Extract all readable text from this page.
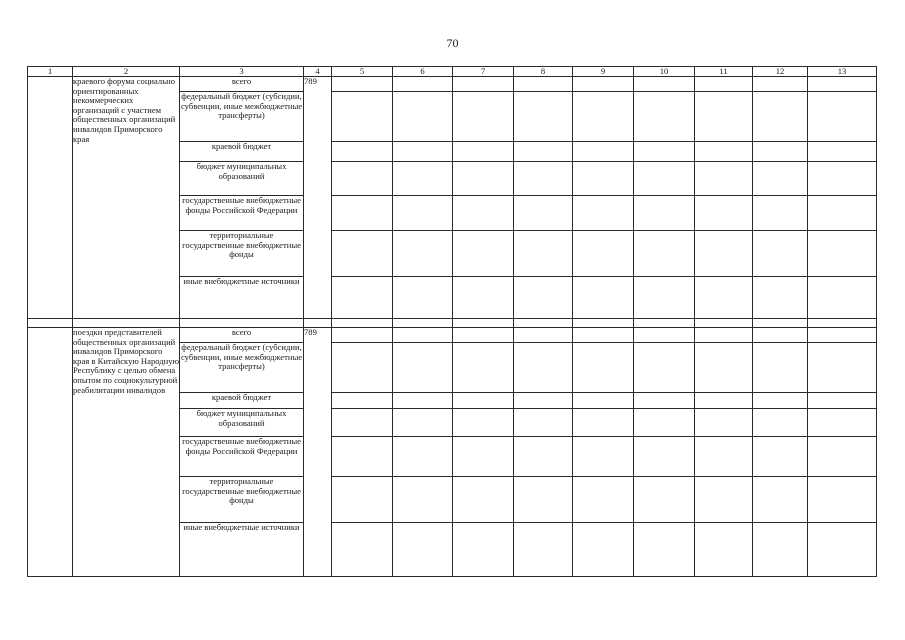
70
1	2	3	4	5	6	7	8	9	10	11	12	13
	краевого форума социально ориентированных некоммерческих организаций с участием общественных организаций инвалидов Приморского края	всего	789									
		федеральный бюджет (субсидии, субвенции, иные межбюджетные трансферты)										
		краевой бюджет										
		бюджет муниципальных образований										
		государственные внебюджетные фонды Российской Федерации										
		территориальные государственные внебюджетные фонды										
		иные внебюджетные источники										

	поездки представителей общественных организаций инвалидов Приморского края в Китайскую Народную Республику с целью обмена опытом по социокультурной реабилитации инвалидов	всего	789									
		федеральный бюджет (субсидии, субвенции, иные межбюджетные трансферты)										
		краевой бюджет										
		бюджет муниципальных образований										
		государственные внебюджетные фонды Российской Федерации										
		территориальные государственные внебюджетные фонды										
		иные внебюджетные источники										
